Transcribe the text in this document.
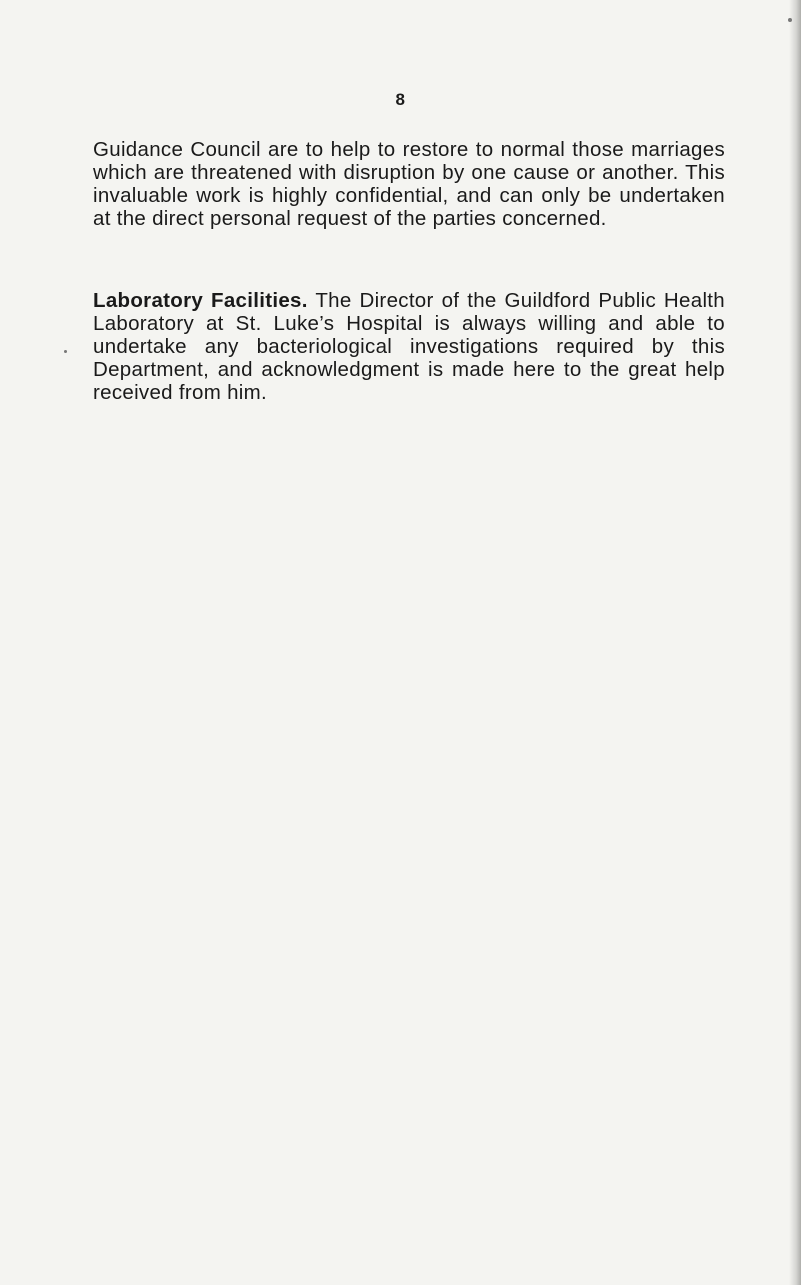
8

Guidance Council are to help to restore to normal those marriages which are threatened with disruption by one cause or another. This invaluable work is highly confidential, and can only be undertaken at the direct personal request of the parties concerned.

Laboratory Facilities. The Director of the Guildford Public Health Laboratory at St. Luke’s Hospital is always willing and able to undertake any bacteriological investigations required by this Department, and acknowledgment is made here to the great help received from him.
